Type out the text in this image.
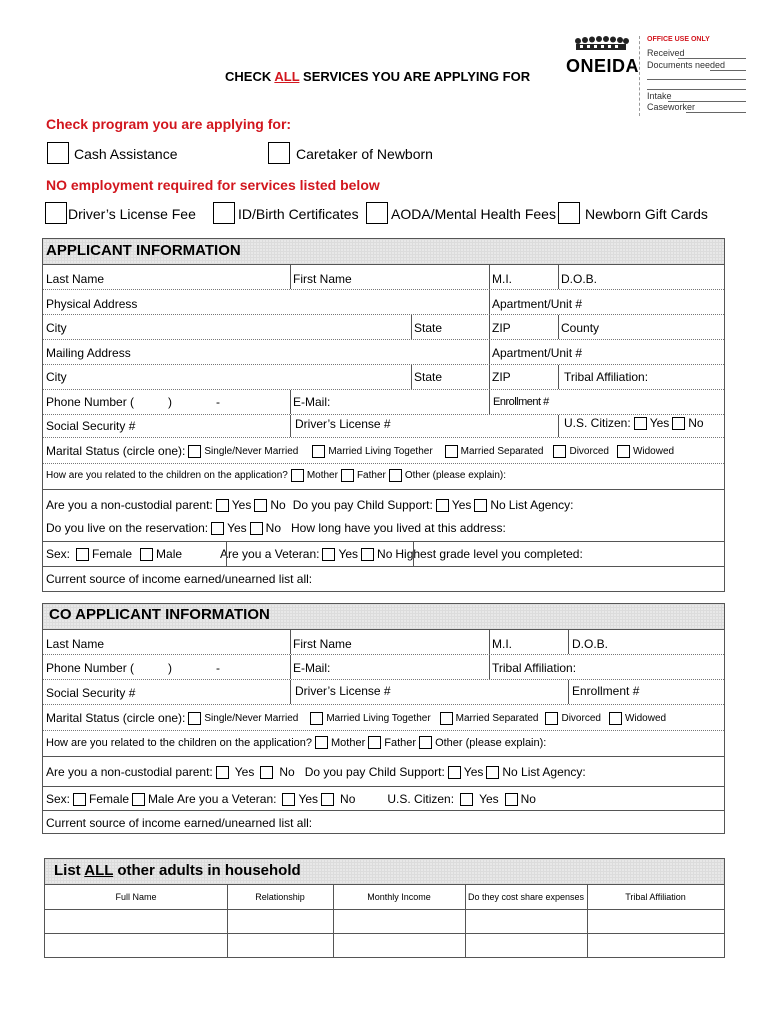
OFFICE USE ONLY
Received
Documents needed
Intake
Caseworker
ONEIDA
CHECK ALL SERVICES YOU ARE APPLYING FOR
Check program you are applying for:
Cash Assistance	Caretaker of Newborn
NO employment required for services listed below
Driver’s License Fee	ID/Birth Certificates AODA/Mental Health Fees Newborn Gift Cards
APPLICANT INFORMATION
Last Name	First Name	M.I.	D.O.B.
Physical Address	Apartment/Unit #
City	State	ZIP	County
Mailing Address	Apartment/Unit #
City	State	ZIP	Tribal Affiliation:
Phone Number (	)	-	E-Mail:	Enrollment #
Social Security #	Driver’s License #	U.S. Citizen: Yes No
Marital Status (circle one): Single/Never Married	Married Living Together	Married Separated	Divorced Widowed
How are you related to the children on the application? Mother Father Other (please explain):
Are you a non-custodial parent: Yes No Do you pay Child Support: Yes No List Agency:
Do you live on the reservation: Yes No How long have you lived at this address:
Sex: Female Male	Are you a Veteran: Yes No Highest grade level you completed:
Current source of income earned/unearned list all:
CO APPLICANT INFORMATION
Last Name	First Name	M.I.	D.O.B.
Phone Number (	)	-	E-Mail:	Tribal Affiliation:
Social Security #	Driver’s License #	Enrollment #
Marital Status (circle one): Single/Never Married	Married Living Together	Married Separated Divorced Widowed
How are you related to the children on the application? Mother Father Other (please explain):
Are you a non-custodial parent: Yes No Do you pay Child Support: Yes No List Agency:
Sex: Female Male Are you a Veteran: Yes No	U.S. Citizen: Yes No
Current source of income earned/unearned list all:
List ALL other adults in household
Full Name	Relationship	Monthly Income	Do they cost share expenses	Tribal Affiliation
